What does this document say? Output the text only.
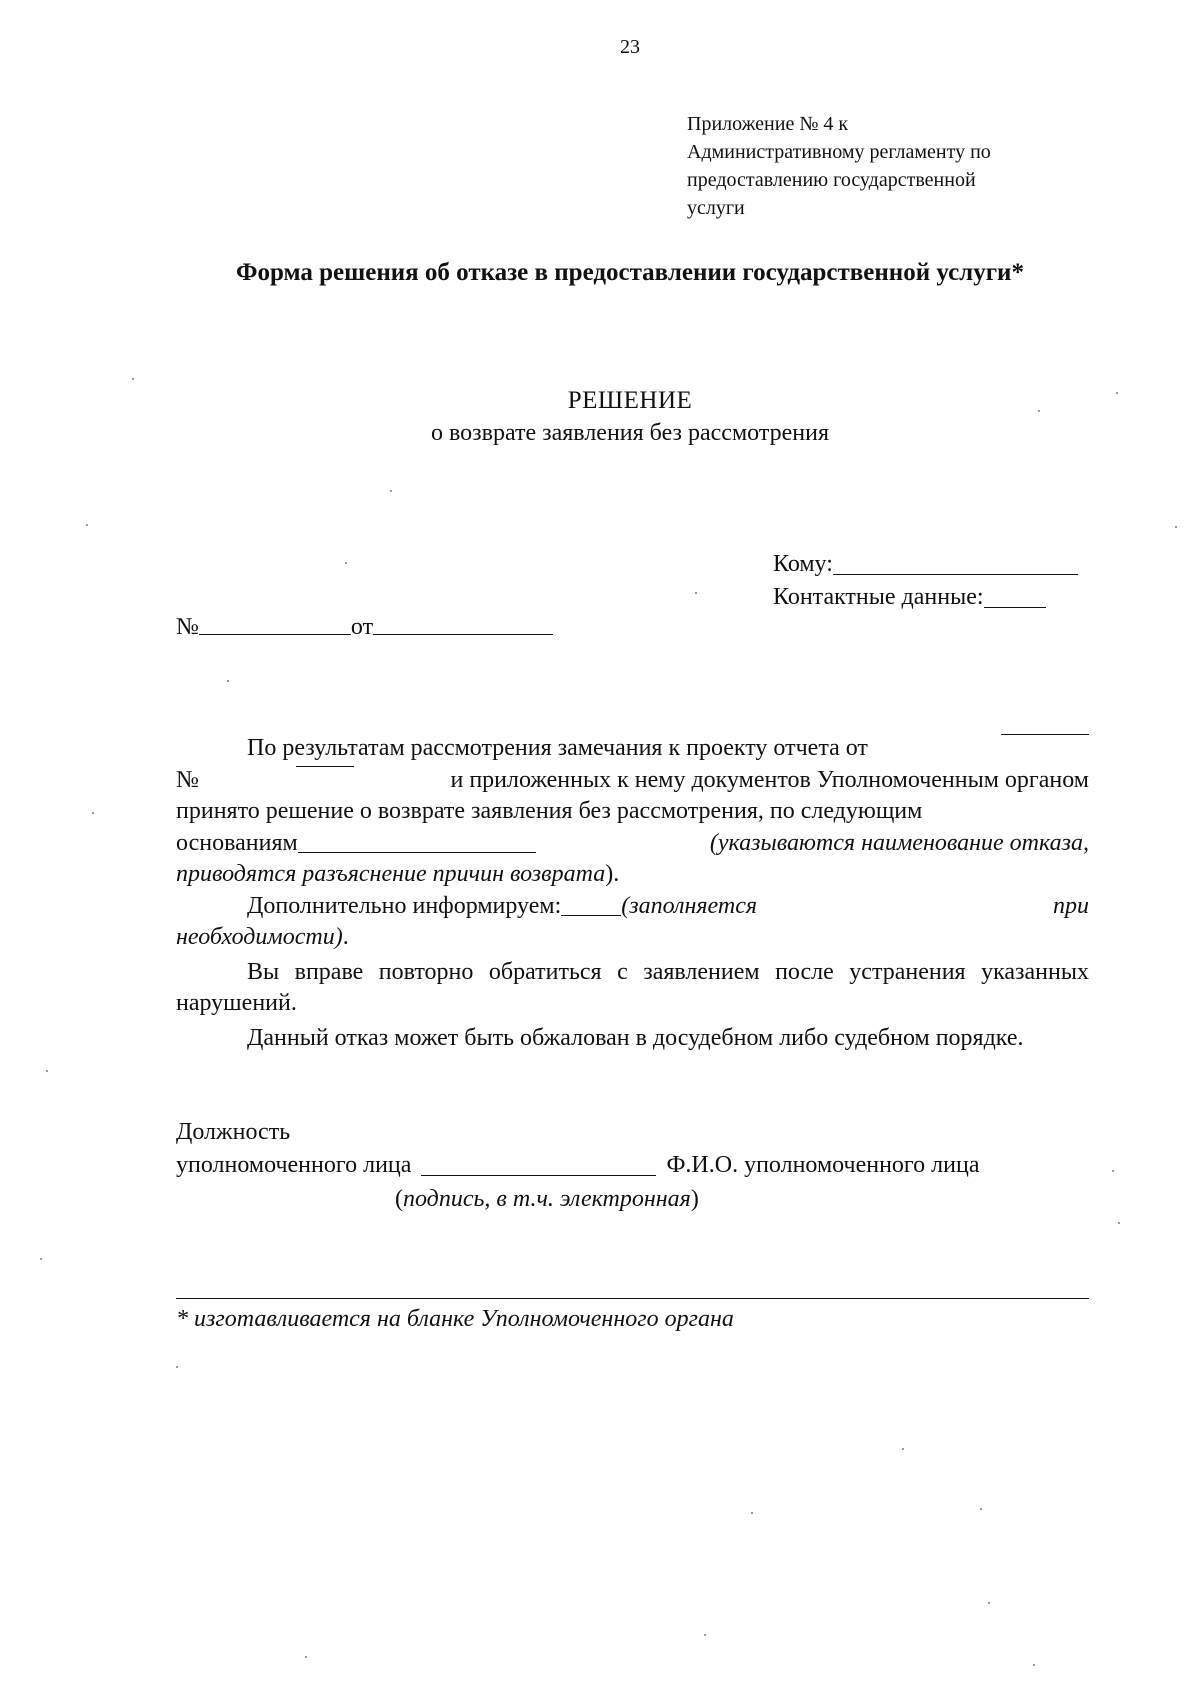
23
Приложение № 4 к
Административному регламенту по
предоставлению государственной
услуги
Форма решения об отказе в предоставлении государственной услуги*
РЕШЕНИЕ
о возврате заявления без рассмотрения
Кому:
Контактные данные:
№	от
По результатам рассмотрения замечания к проекту отчета от
№	и приложенных к нему документов Уполномоченным органом
принято решение о возврате заявления без рассмотрения, по следующим
основаниям	(указываются наименование отказа,
приводятся разъяснение причин возврата).
Дополнительно информируем:	(заполняется	при
необходимости).

Вы вправе повторно обратиться с заявлением после устранения указанных нарушений.

Данный отказ может быть обжалован в досудебном либо судебном порядке.

Должность
уполномоченного лица	Ф.И.О. уполномоченного лица
(подпись, в т.ч. электронная)
* изготавливается на бланке Уполномоченного органа
